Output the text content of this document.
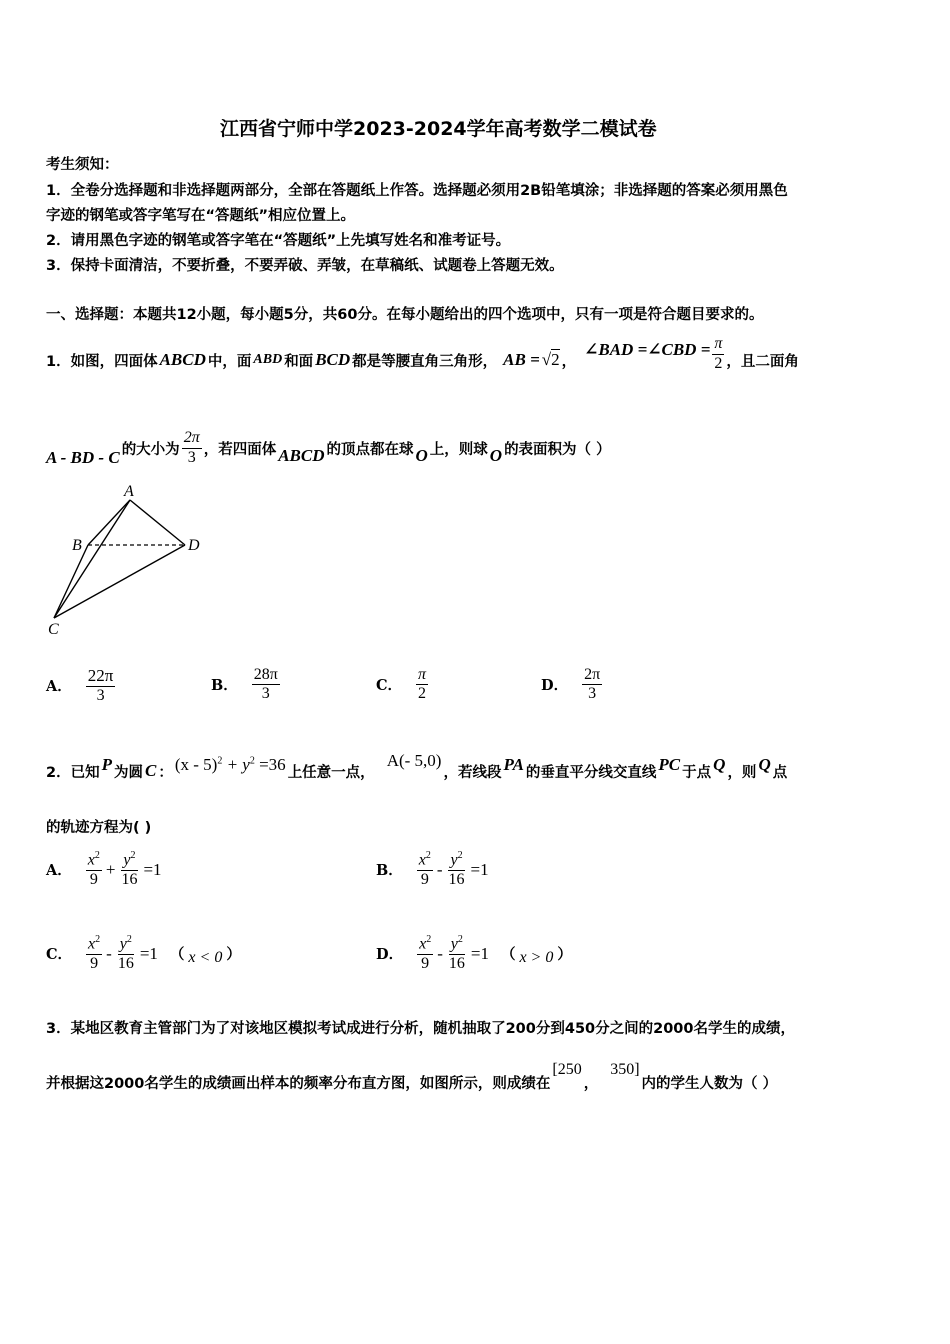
江西省宁师中学2023-2024学年高考数学二模试卷
考生须知：
1．全卷分选择题和非选择题两部分，全部在答题纸上作答。选择题必须用2B铅笔填涂；非选择题的答案必须用黑色
字迹的钢笔或答字笔写在“答题纸”相应位置上。
2．请用黑色字迹的钢笔或答字笔在“答题纸”上先填写姓名和准考证号。
3．保持卡面清洁，不要折叠，不要弄破、弄皱，在草稿纸、试题卷上答题无效。
一、选择题：本题共12小题，每小题5分，共60分。在每小题给出的四个选项中，只有一项是符合题目要求的。
1．如图，四面体 ABCD 中，面 ABD 和面 BCD 都是等腰直角三角形， AB = √2 ，
∠BAD =∠CBD = $\frac{\pi}{2}$ ，且二面角
A - BD - C 的大小为 $\frac{2\pi}{3}$ ，若四面体 ABCD 的顶点都在球 O 上，则球 O 的表面积为（ ）
A
B
C
D
A． $\frac{22\pi}{3}$	B． $\frac{28\pi}{3}$	C． $\frac{\pi}{2}$	D． $\frac{2\pi}{3}$
2．已知 P 为圆 C ： $(x - 5)^2 + y^2 =36$ 上任意一点，
A(- 5,0)
，若线段 PA 的垂直平分线交直线 PC 于点 Q ，则 Q 点
的轨迹方程为( )
A． $\frac{x^2}{9} + \frac{y^2}{16} =1$	B． $\frac{x^2}{9} - \frac{y^2}{16} =1$
C． $\frac{x^2}{9} - \frac{y^2}{16} =1$ （ x < 0 ）	D． $\frac{x^2}{9} - \frac{y^2}{16} =1$ （ x > 0 ）
3．某地区教育主管部门为了对该地区模拟考试成进行分析，随机抽取了200分到450分之间的2000名学生的成绩，
并根据这2000名学生的成绩画出样本的频率分布直方图，如图所示，则成绩在
[250
，
350]
内的学生人数为（ ）
